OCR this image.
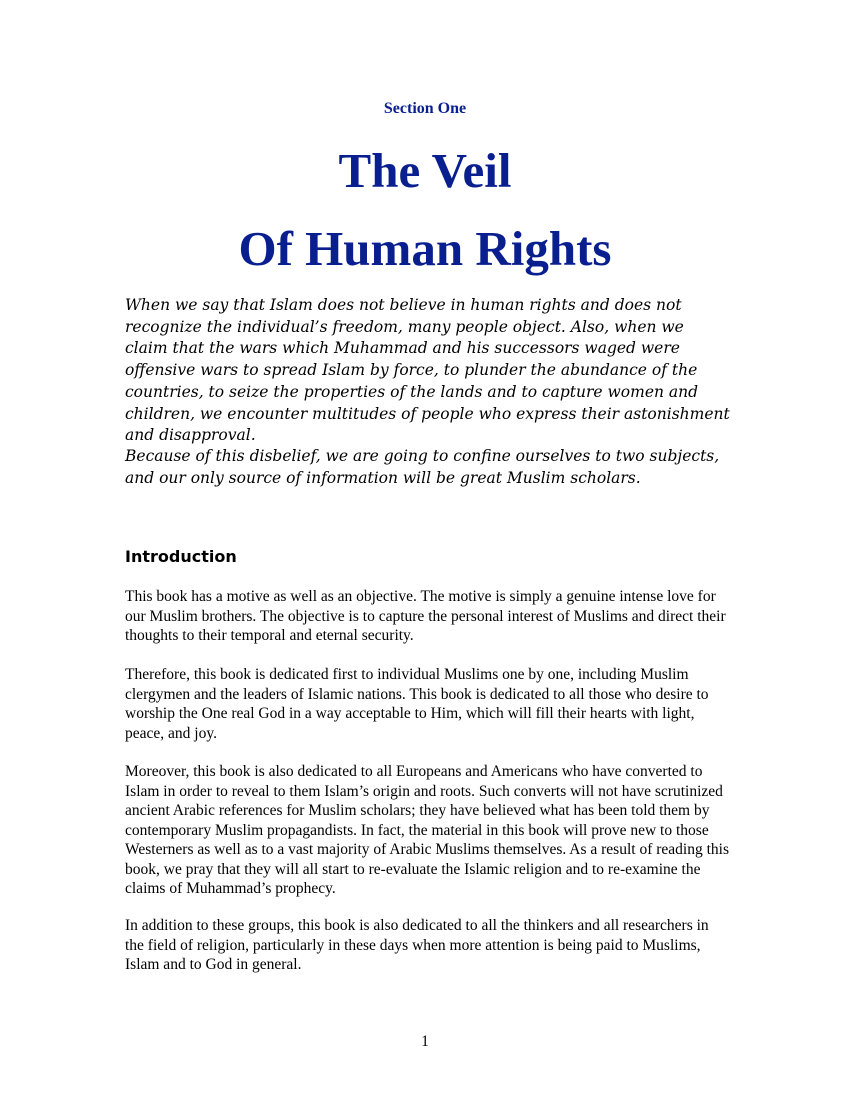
Section One
The Veil
Of Human Rights

When we say that Islam does not believe in human rights and does not recognize the individual’s freedom, many people object. Also, when we claim that the wars which Muhammad and his successors waged were offensive wars to spread Islam by force, to plunder the abundance of the countries, to seize the properties of the lands and to capture women and children, we encounter multitudes of people who express their astonishment and disapproval.

Because of this disbelief, we are going to confine ourselves to two subjects, and our only source of information will be great Muslim scholars.

Introduction

This book has a motive as well as an objective. The motive is simply a genuine intense love for our Muslim brothers. The objective is to capture the personal interest of Muslims and direct their thoughts to their temporal and eternal security.

Therefore, this book is dedicated first to individual Muslims one by one, including Muslim clergymen and the leaders of Islamic nations. This book is dedicated to all those who desire to worship the One real God in a way acceptable to Him, which will fill their hearts with light, peace, and joy.

Moreover, this book is also dedicated to all Europeans and Americans who have converted to Islam in order to reveal to them Islam’s origin and roots. Such converts will not have scrutinized ancient Arabic references for Muslim scholars; they have believed what has been told them by contemporary Muslim propagandists. In fact, the material in this book will prove new to those Westerners as well as to a vast majority of Arabic Muslims themselves. As a result of reading this book, we pray that they will all start to re-evaluate the Islamic religion and to re-examine the claims of Muhammad’s prophecy.

In addition to these groups, this book is also dedicated to all the thinkers and all researchers in the field of religion, particularly in these days when more attention is being paid to Muslims, Islam and to God in general.

1
